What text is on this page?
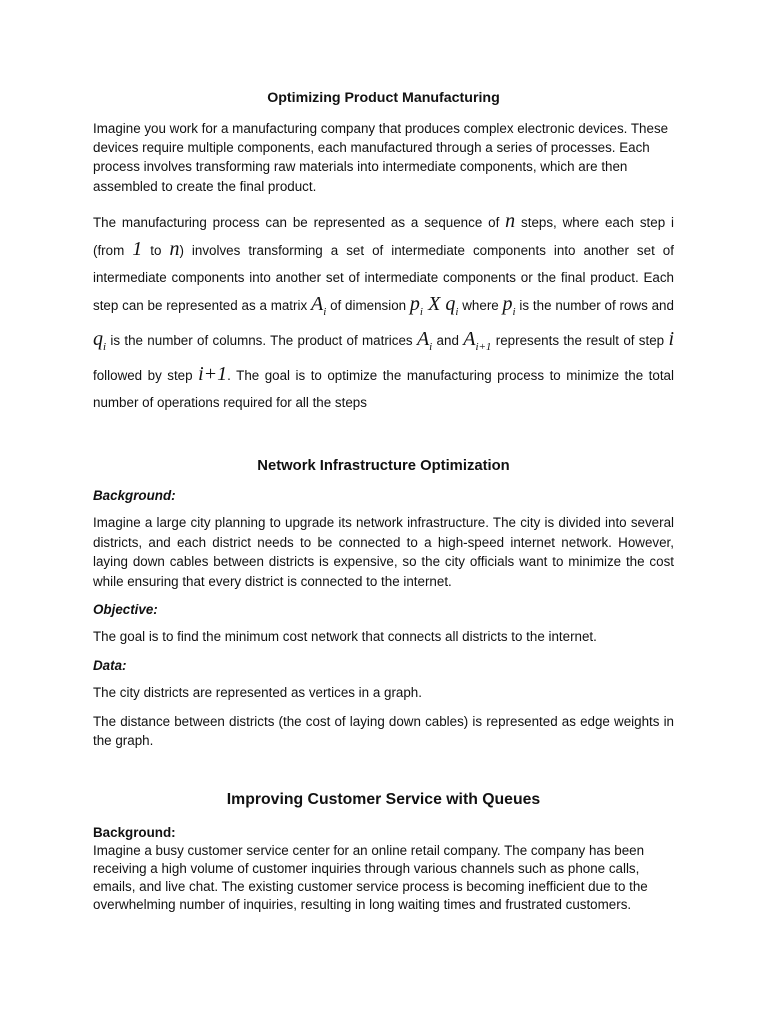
Optimizing Product Manufacturing

Imagine you work for a manufacturing company that produces complex electronic devices. These devices require multiple components, each manufactured through a series of processes. Each process involves transforming raw materials into intermediate components, which are then assembled to create the final product.

The manufacturing process can be represented as a sequence of n steps, where each step i (from 1 to n) involves transforming a set of intermediate components into another set of intermediate components into another set of intermediate components or the final product. Each step can be represented as a matrix $A_i$ of dimension $p_i$ X $q_i$ where $p_i$ is the number of rows and $q_i$ is the number of columns. The product of matrices $A_i$ and $A_{i+1}$ represents the result of step i followed by step i+1. The goal is to optimize the manufacturing process to minimize the total number of operations required for all the steps

Network Infrastructure Optimization

Background:

Imagine a large city planning to upgrade its network infrastructure. The city is divided into several districts, and each district needs to be connected to a high-speed internet network. However, laying down cables between districts is expensive, so the city officials want to minimize the cost while ensuring that every district is connected to the internet.

Objective:

The goal is to find the minimum cost network that connects all districts to the internet.

Data:

The city districts are represented as vertices in a graph.

The distance between districts (the cost of laying down cables) is represented as edge weights in the graph.

Improving Customer Service with Queues

Background:

Imagine a busy customer service center for an online retail company. The company has been receiving a high volume of customer inquiries through various channels such as phone calls, emails, and live chat. The existing customer service process is becoming inefficient due to the overwhelming number of inquiries, resulting in long waiting times and frustrated customers.
